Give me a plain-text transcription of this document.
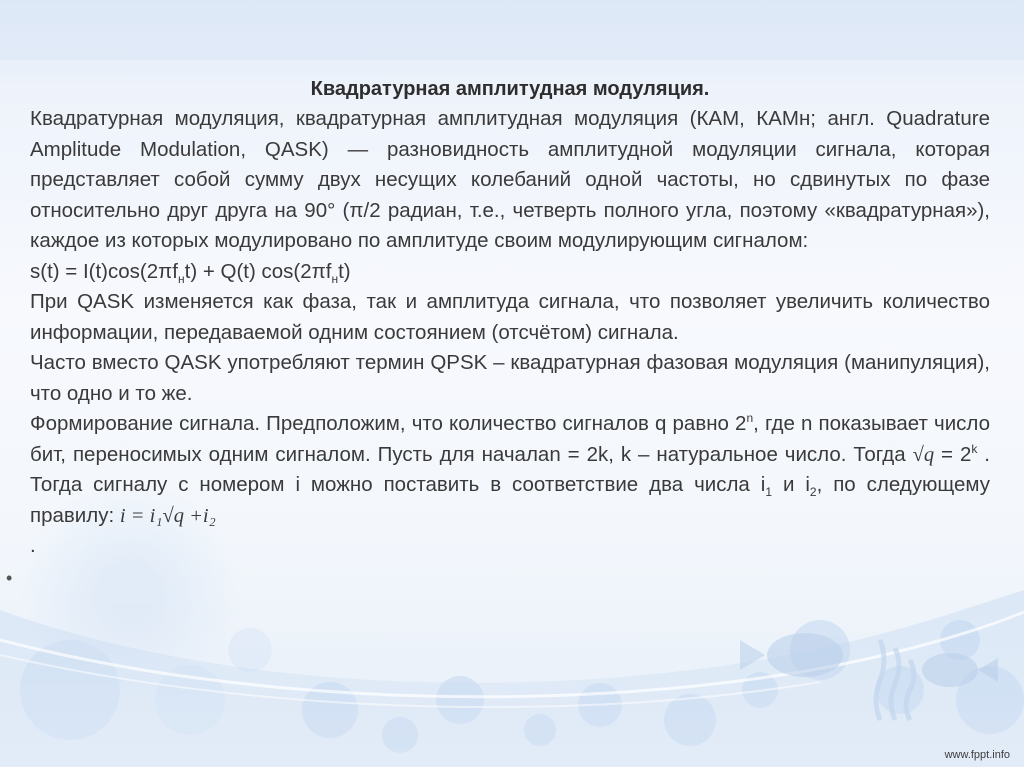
Квадратурная амплитудная модуляция.
Квадратурная модуляция, квадратурная амплитудная модуляция (КАМ, КАМн; англ. Quadrature Amplitude Modulation, QASK) — разновидность амплитудной модуляции сигнала, которая представляет собой сумму двух несущих колебаний одной частоты, но сдвинутых по фазе относительно друг друга на 90° (π/2 радиан, т.е., четверть полного угла, поэтому «квадратурная»), каждое из которых модулировано по амплитуде своим модулирующим сигналом:
$s(t) = I(t)\cos(2\pi f_нt) + Q(t)$ $\cos(2\pi f_нt)$
При QASK изменяется как фаза, так и амплитуда сигнала, что позволяет увеличить количество информации, передаваемой одним состоянием (отсчётом) сигнала.
Часто вместо QASK употребляют термин QPSK – квадратурная фазовая модуляция (манипуляция), что одно и то же.
Формирование сигнала. Предположим, что количество сигналов q равно 2$^n$, где n показывает число бит, переносимых одним сигналом. Пусть для началаn = 2k, k – натуральное число. Тогда $√q = 2^k$ . Тогда сигналу с номером i можно поставить в соответствие два числа $i_1$ и $i_2$, по следующему правилу: i = i₁√q +i₂
.
•
www.fppt.info
